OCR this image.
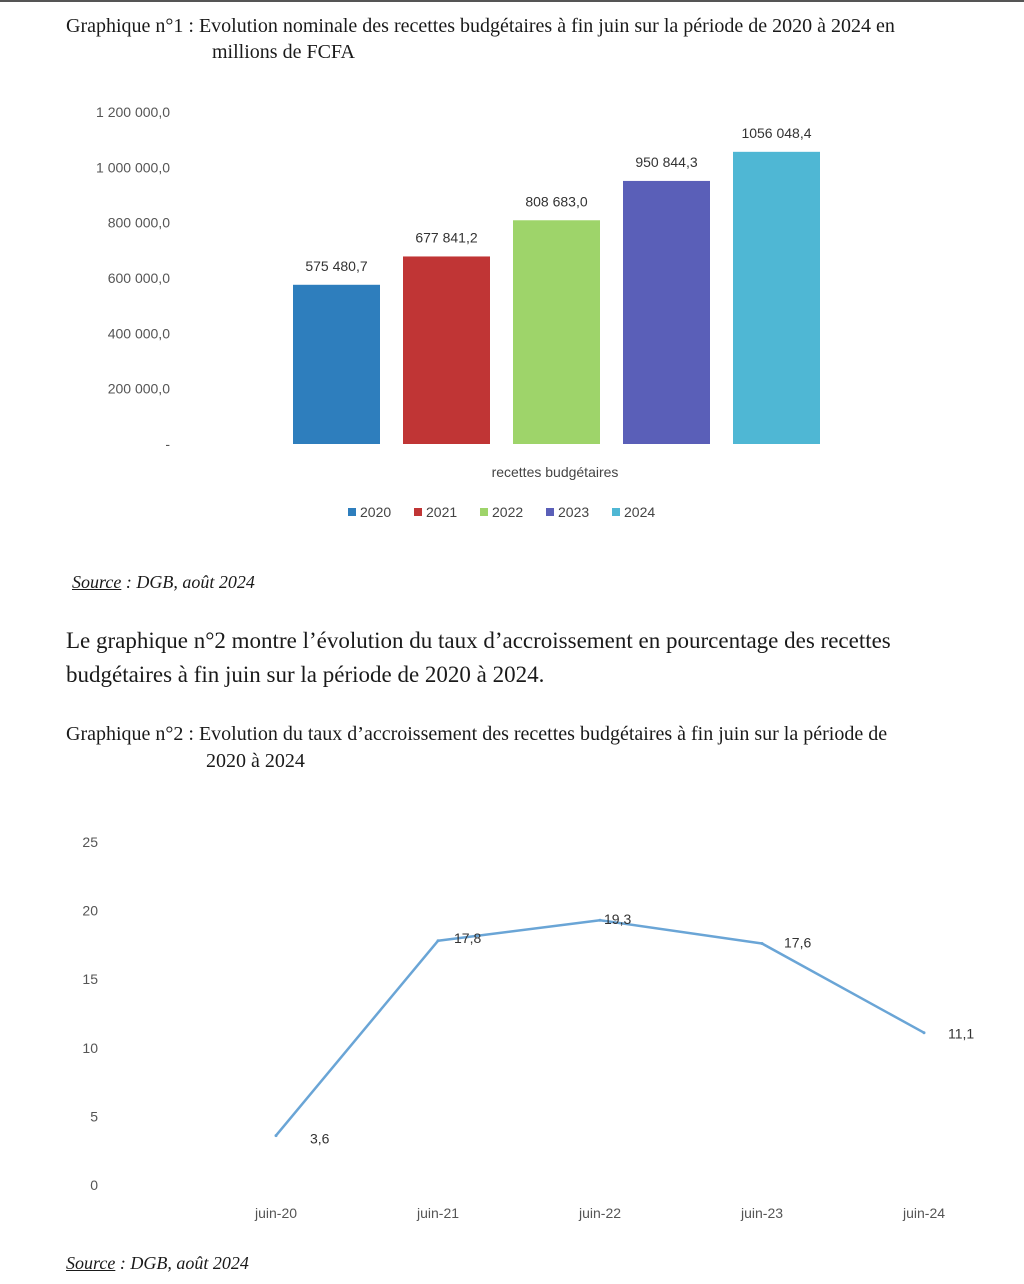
Graphique n°1 : Evolution nominale des recettes budgétaires à fin juin sur la période de 2020 à 2024 en
millions de FCFA
-
200 000,0
400 000,0
600 000,0
800 000,0
1 000 000,0
1 200 000,0
575 480,7
677 841,2
808 683,0
950 844,3
1056 048,4
recettes budgétaires
2020 2021 2022 2023 2024
Source : DGB, août 2024
Le graphique n°2 montre l’évolution du taux d’accroissement en pourcentage des recettes budgétaires à fin juin sur la période de 2020 à 2024.
Graphique n°2 : Evolution du taux d’accroissement des recettes budgétaires à fin juin sur la période de
2020 à 2024
0
5
10
15
20
25
3,6
17,8
19,3
17,6
11,1
juin-20	juin-21	juin-22	juin-23	juin-24
Source : DGB, août 2024
